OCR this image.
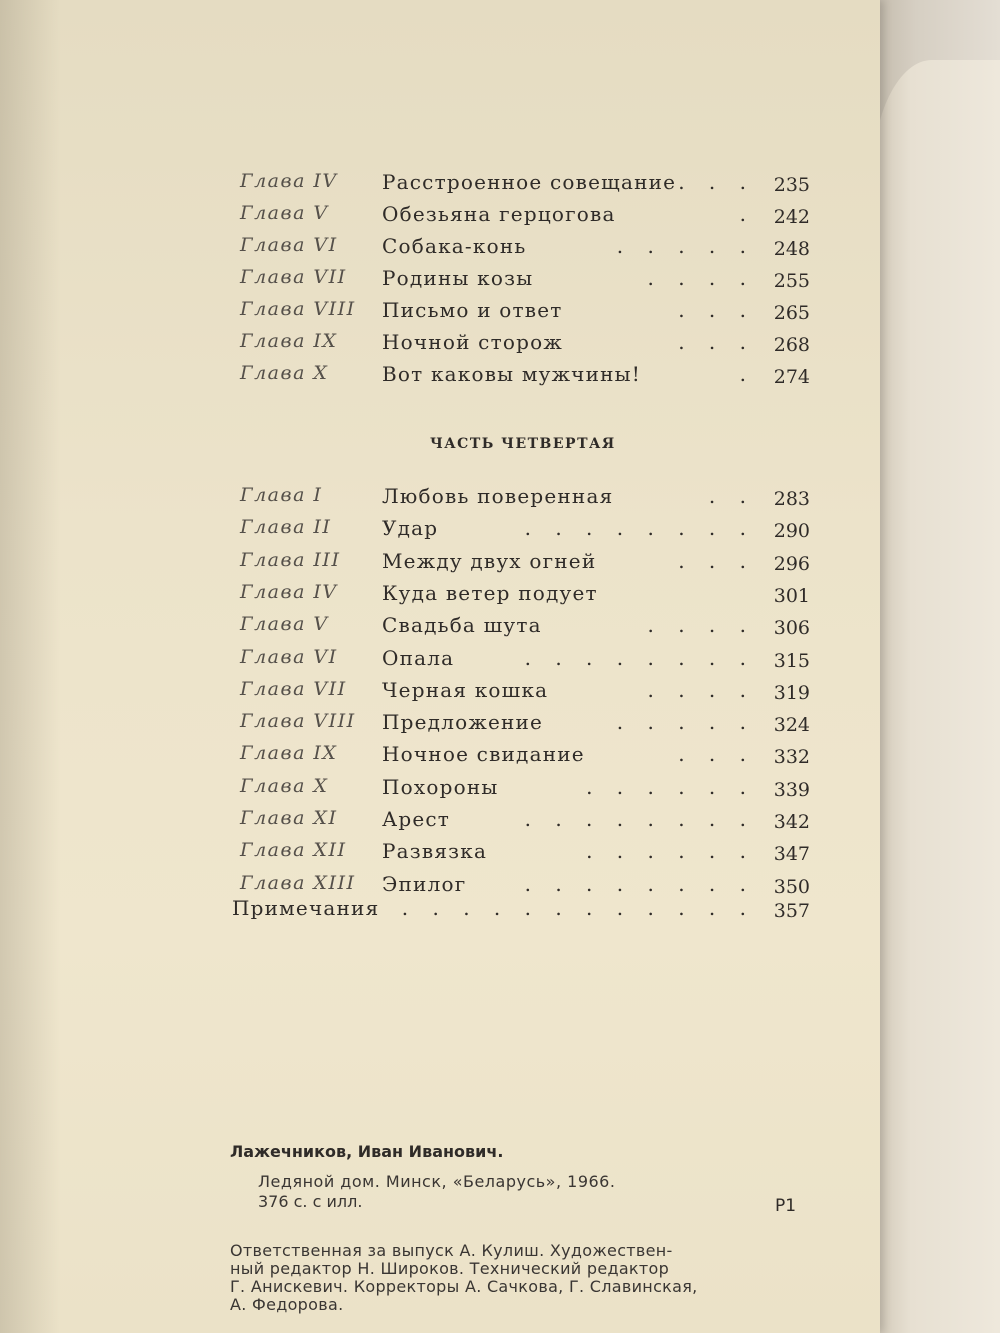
Глава IV Расстроенное совещание . . . 235
Глава V	Обезьяна герцогова	. 242
Глава VI Собака-конь	. . . . . 248
Глава VII Родины козы	. . . . 255
Глава VIII Письмо и ответ	. . . 265
Глава IX Ночной сторож	. . . 268
Глава X	Вот каковы мужчины!	. 274
ЧАСТЬ ЧЕТВЕРТАЯ
Глава I	Любовь поверенная	. . 283
Глава II	Удар	. . . . . . . . 290
Глава III Между двух огней	. . . 296
Глава IV Куда ветер подует	301
Глава V	Свадьба шута	. . . . 306
Глава VI Опала	. . . . . . . . 315
Глава VII Черная кошка	. . . . 319
Глава VIII Предложение	. . . . . 324
Глава IX Ночное свидание	. . . 332
Глава X	Похороны	. . . . . . 339
Глава XI Арест	. . . . . . . . 342
Глава XII Развязка	. . . . . . 347
Глава XIII Эпилог	. . . . . . . . 350
Примечания . . . . . . . . . . . . 357
Лажечников, Иван Иванович.
Ледяной дом. Минск, «Беларусь», 1966.
376 с. с илл.	Р1
Ответственная за выпуск А. Кулиш. Художествен-
ный редактор Н. Широков. Технический редактор
Г. Анискевич. Корректоры А. Сачкова, Г. Славинская,
А. Федорова.
